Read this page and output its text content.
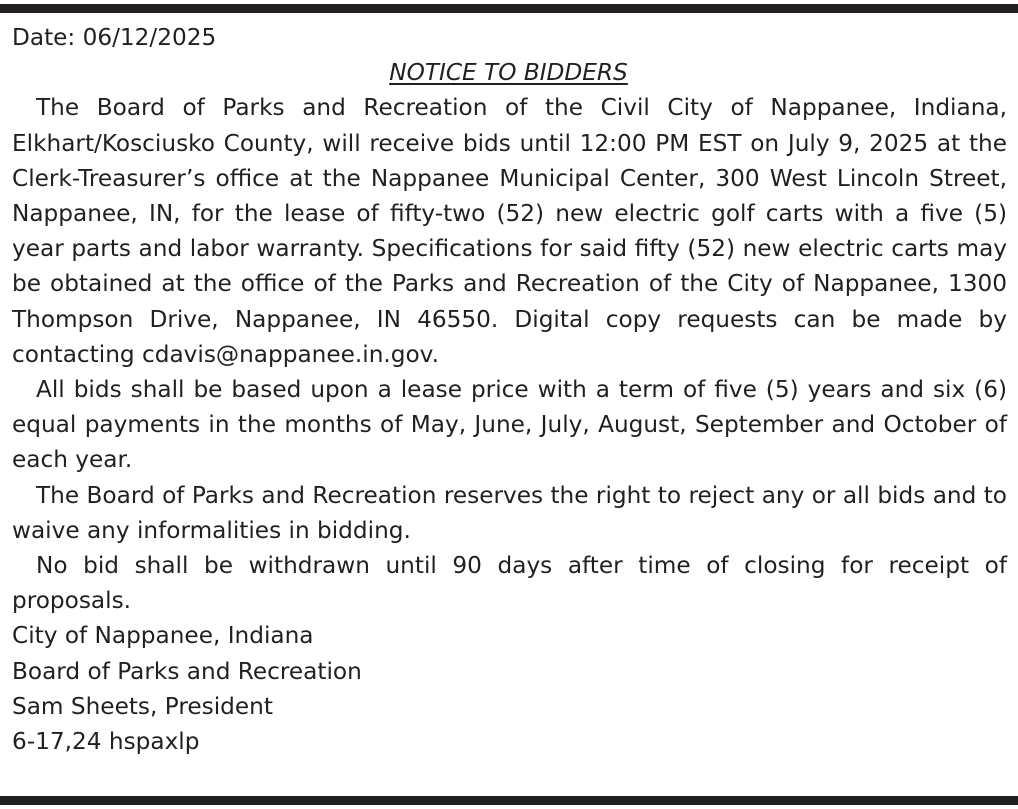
Date: 06/12/2025
NOTICE TO BIDDERS

The Board of Parks and Recreation of the Civil City of Nappanee, Indiana, Elkhart/Kosciusko County, will receive bids until 12:00 PM EST on July 9, 2025 at the Clerk-Treasurer’s office at the Nappanee Municipal Center, 300 West Lincoln Street, Nappanee, IN, for the lease of fifty-two (52) new electric golf carts with a five (5) year parts and labor warranty. Specifications for said fifty (52) new electric carts may be obtained at the office of the Parks and Recreation of the City of Nappanee, 1300 Thompson Drive, Nappanee, IN 46550. Digital copy requests can be made by contacting cdavis@nappanee.in.gov.

All bids shall be based upon a lease price with a term of five (5) years and six (6) equal payments in the months of May, June, July, August, September and October of each year.

The Board of Parks and Recreation reserves the right to reject any or all bids and to waive any informalities in bidding.

No bid shall be withdrawn until 90 days after time of closing for receipt of proposals.

City of Nappanee, Indiana
Board of Parks and Recreation
Sam Sheets, President
6-17,24 hspaxlp
